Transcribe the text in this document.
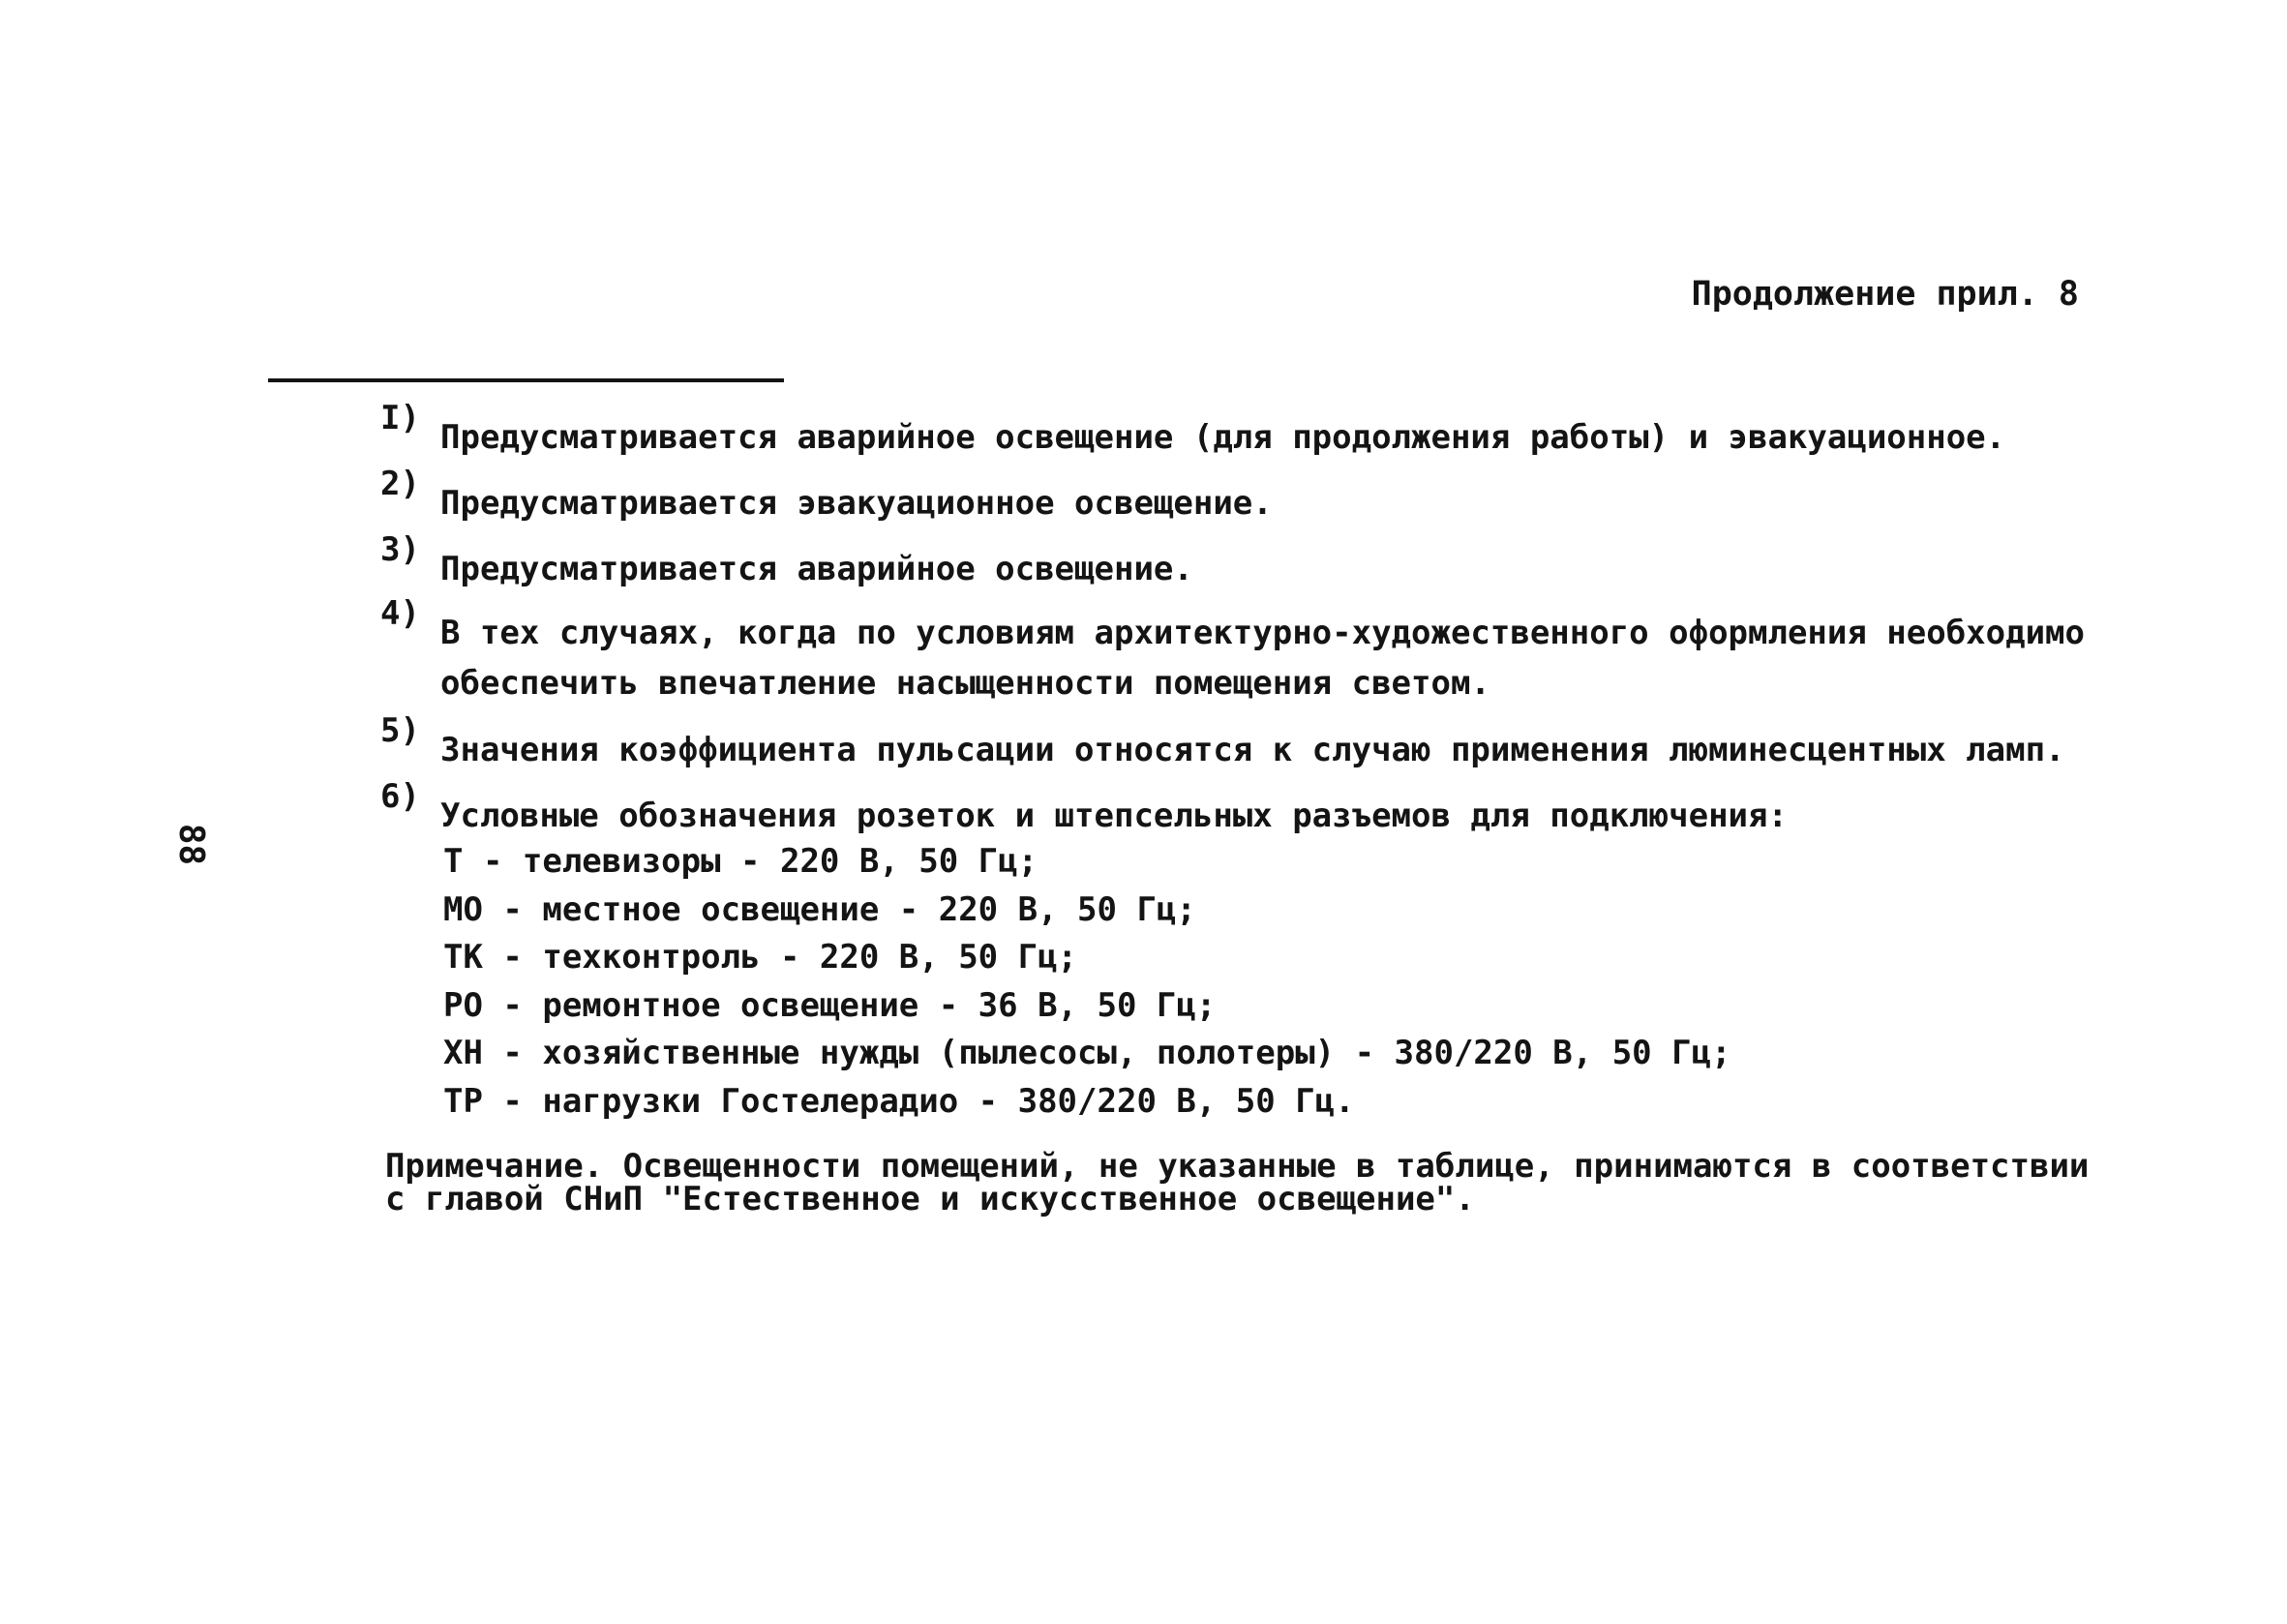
Продолжение прил. 8
88
I) Предусматривается аварийное освещение (для продолжения работы) и эвакуационное.
2) Предусматривается эвакуационное освещение.
3) Предусматривается аварийное освещение.
4) В тех случаях, когда по условиям архитектурно-художественного оформления необходимо
обеспечить впечатление насыщенности помещения светом.
5) Значения коэффициента пульсации относятся к случаю применения люминесцентных ламп.
6) Условные обозначения розеток и штепсельных разъемов для подключения:
Т - телевизоры - 220 В, 50 Гц;
МО - местное освещение - 220 В, 50 Гц;
ТК - техконтроль - 220 В, 50 Гц;
РО - ремонтное освещение - 36 В, 50 Гц;
ХН - хозяйственные нужды (пылесосы, полотеры) - 380/220 В, 50 Гц;
ТР - нагрузки Гостелерадио - 380/220 В, 50 Гц.
Примечание. Освещенности помещений, не указанные в таблице, принимаются в соответствии
с главой СНиП "Естественное и искусственное освещение".
